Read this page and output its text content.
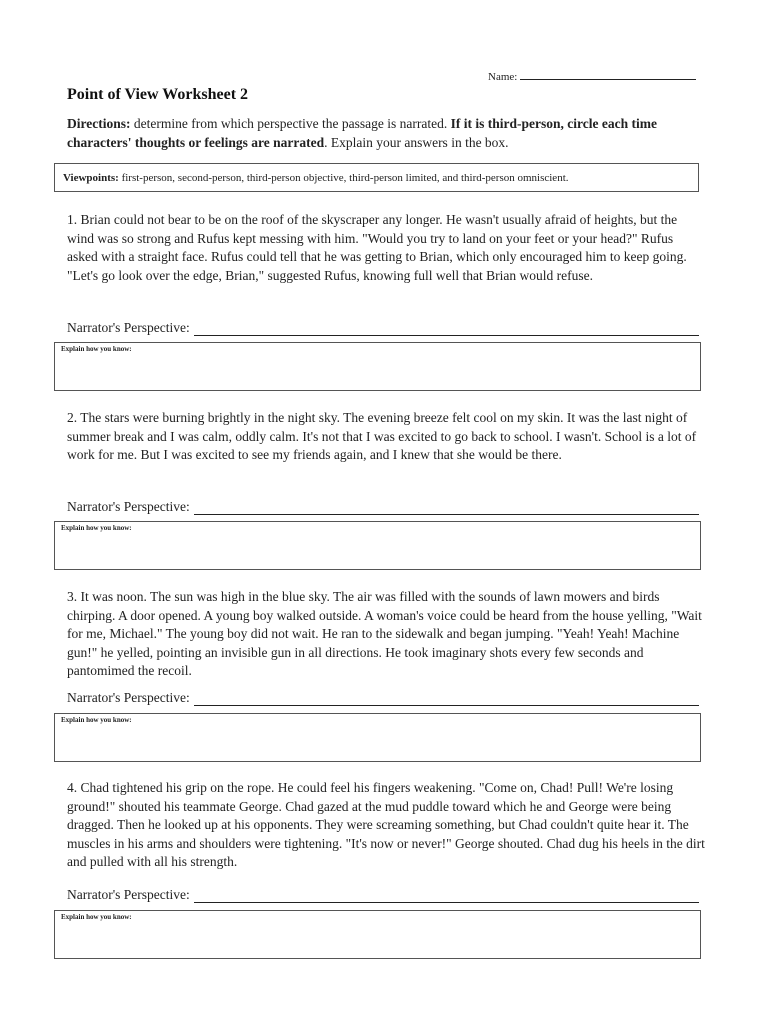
Name:
Point of View Worksheet 2
Directions: determine from which perspective the passage is narrated. If it is third-person, circle each time characters' thoughts or feelings are narrated. Explain your answers in the box.
Viewpoints: first-person, second-person, third-person objective, third-person limited, and third-person omniscient.
1. Brian could not bear to be on the roof of the skyscraper any longer. He wasn't usually afraid of heights, but the wind was so strong and Rufus kept messing with him. "Would you try to land on your feet or your head?" Rufus asked with a straight face. Rufus could tell that he was getting to Brian, which only encouraged him to keep going. "Let's go look over the edge, Brian," suggested Rufus, knowing full well that Brian would refuse.
Narrator's Perspective:
Explain how you know:
2. The stars were burning brightly in the night sky. The evening breeze felt cool on my skin. It was the last night of summer break and I was calm, oddly calm. It's not that I was excited to go back to school. I wasn't. School is a lot of work for me. But I was excited to see my friends again, and I knew that she would be there.
Narrator's Perspective:
Explain how you know:
3. It was noon. The sun was high in the blue sky. The air was filled with the sounds of lawn mowers and birds chirping. A door opened. A young boy walked outside. A woman's voice could be heard from the house yelling, "Wait for me, Michael." The young boy did not wait. He ran to the sidewalk and began jumping. "Yeah! Yeah! Machine gun!" he yelled, pointing an invisible gun in all directions. He took imaginary shots every few seconds and pantomimed the recoil.
Narrator's Perspective:
Explain how you know:
4. Chad tightened his grip on the rope. He could feel his fingers weakening. "Come on, Chad! Pull! We're losing ground!" shouted his teammate George. Chad gazed at the mud puddle toward which he and George were being dragged. Then he looked up at his opponents. They were screaming something, but Chad couldn't quite hear it. The muscles in his arms and shoulders were tightening. "It's now or never!" George shouted. Chad dug his heels in the dirt and pulled with all his strength.
Narrator's Perspective:
Explain how you know:
